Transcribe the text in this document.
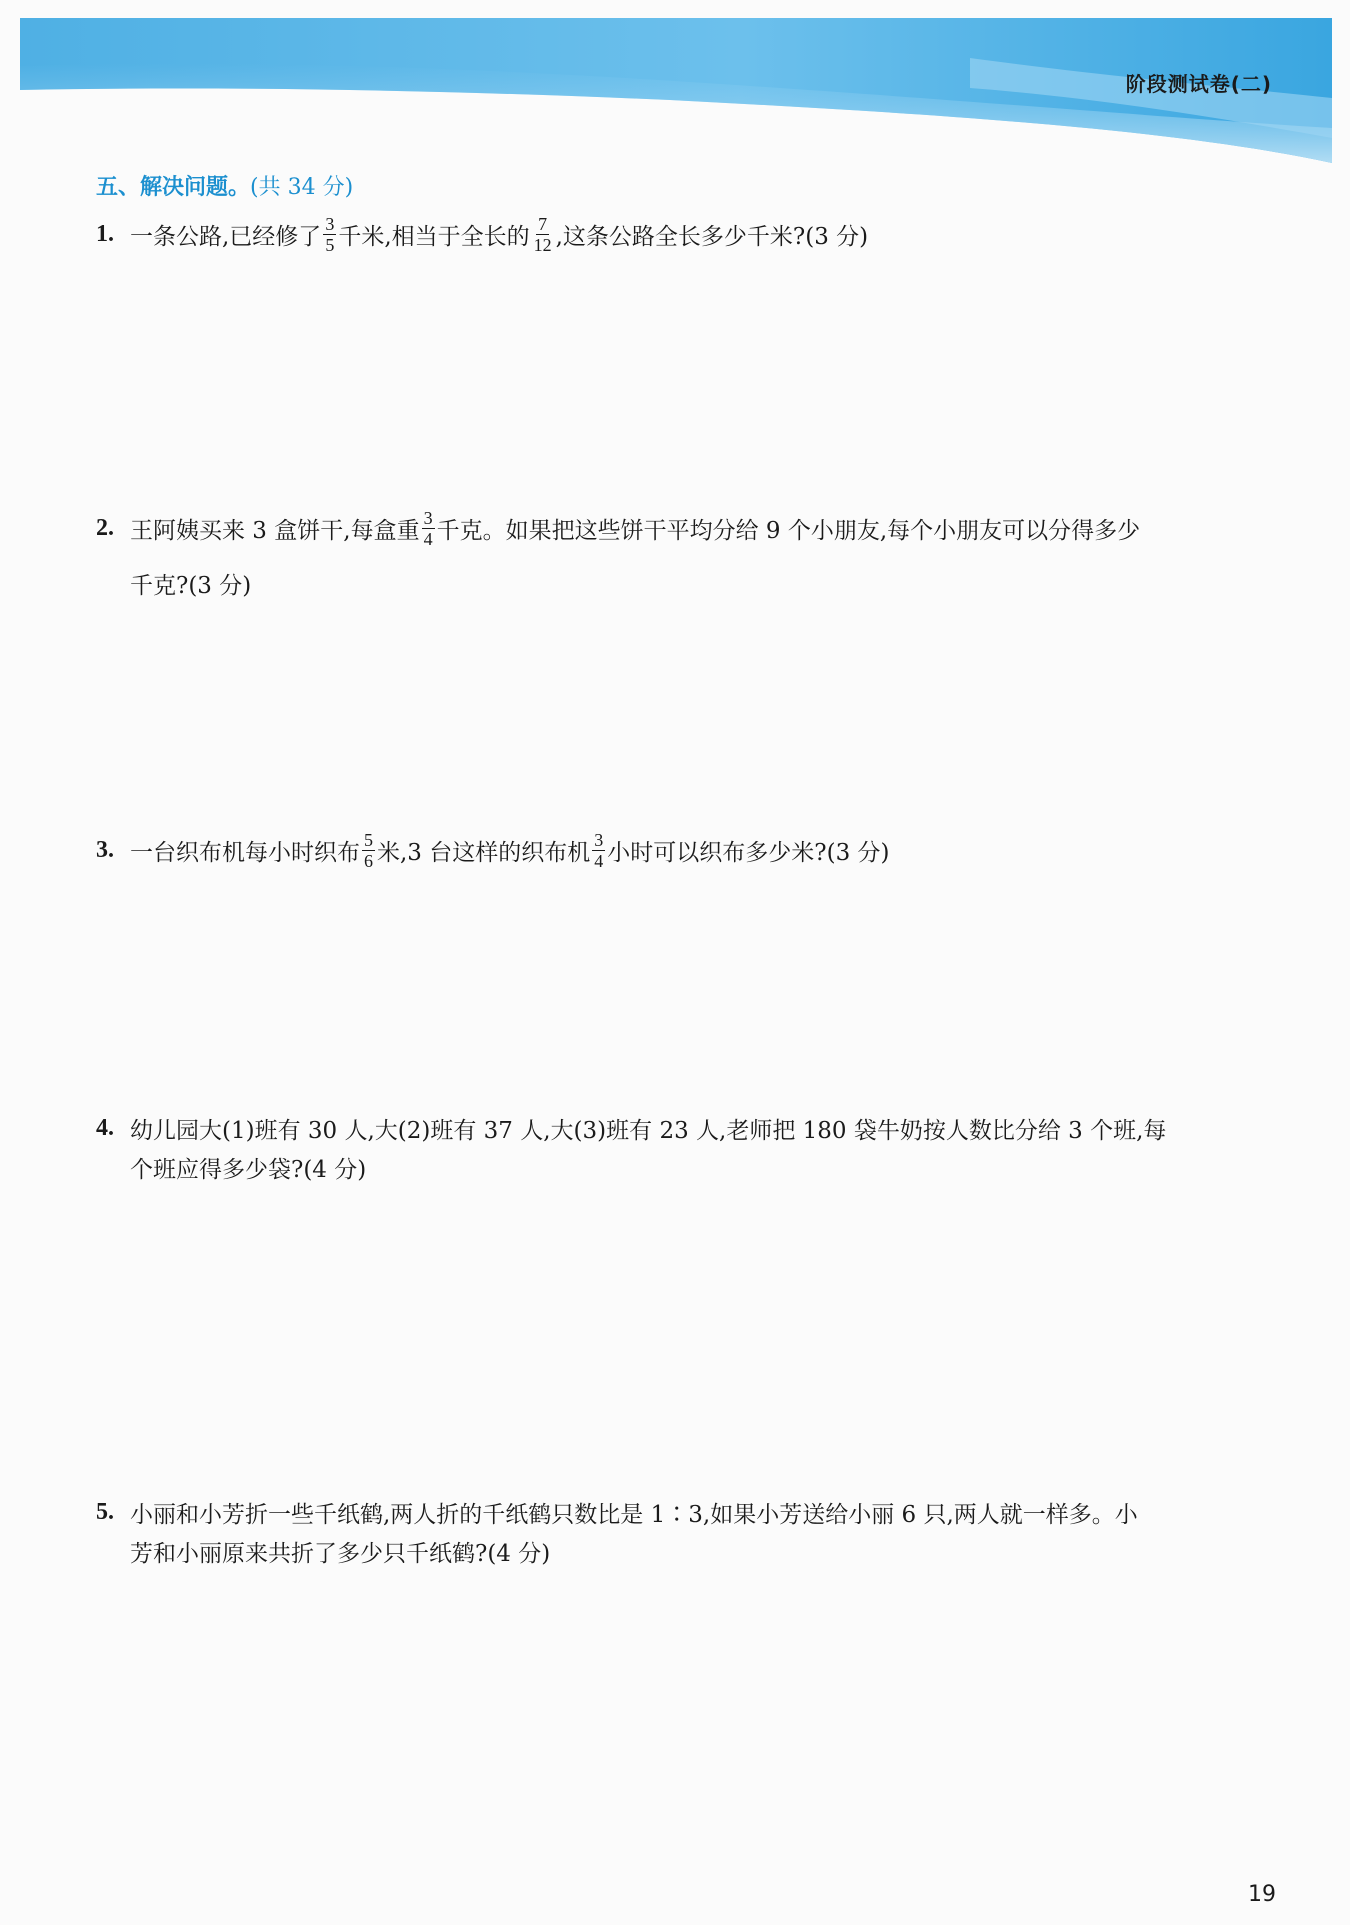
阶段测试卷(二)
五、解决问题。(共 34 分)
1. 一条公路,已经修了 $\frac{3}{5}$ 千米,相当于全长的 $\frac{7}{12}$ ,这条公路全长多少千米?(3 分)
2. 王阿姨买来 3 盒饼干,每盒重 $\frac{3}{4}$ 千克。如果把这些饼干平均分给 9 个小朋友,每个小朋友可以分得多少
千克?(3 分)
3. 一台织布机每小时织布 $\frac{5}{6}$ 米,3 台这样的织布机 $\frac{3}{4}$ 小时可以织布多少米?(3 分)
4. 幼儿园大(1)班有 30 人,大(2)班有 37 人,大(3)班有 23 人,老师把 180 袋牛奶按人数比分给 3 个班,每
个班应得多少袋?(4 分)
5. 小丽和小芳折一些千纸鹤,两人折的千纸鹤只数比是 1∶3,如果小芳送给小丽 6 只,两人就一样多。小
芳和小丽原来共折了多少只千纸鹤?(4 分)
19
